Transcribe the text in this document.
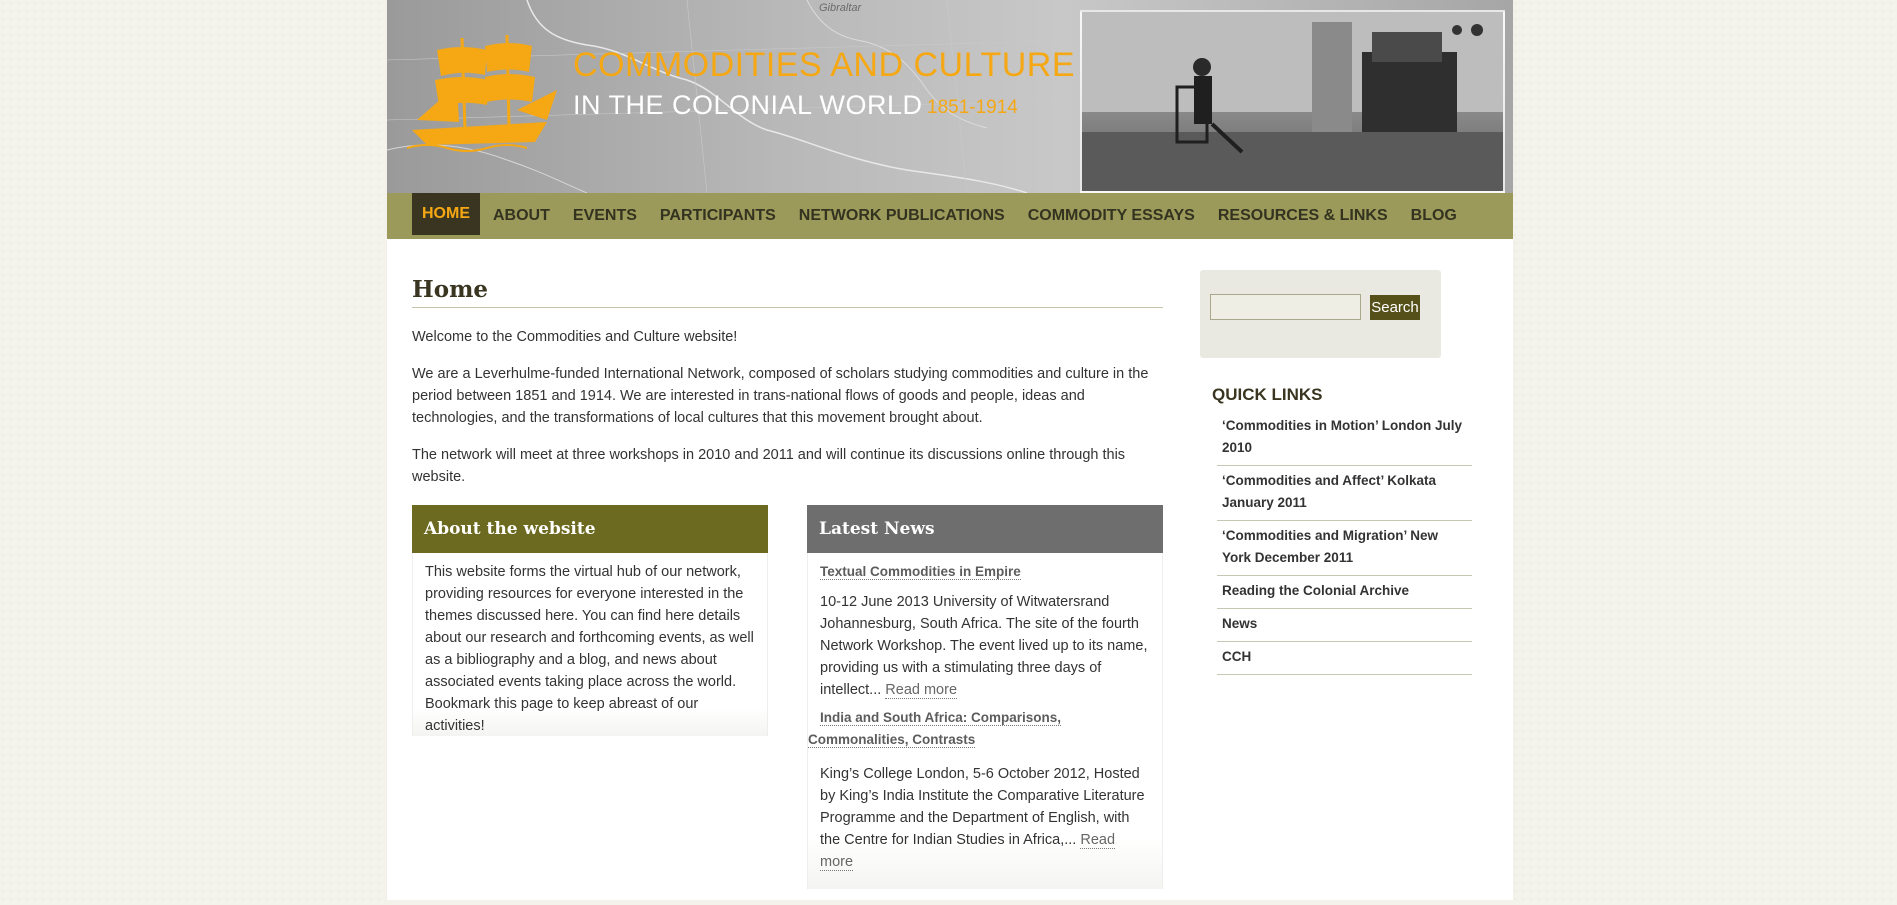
Gibraltar
COMMODITIES AND CULTURE
IN THE COLONIAL WORLD 1851-1914
HOME	ABOUT	EVENTS	PARTICIPANTS	NETWORK PUBLICATIONS	COMMODITY ESSAYS	RESOURCES & LINKS	BLOG
Home

Welcome to the Commodities and Culture website!

We are a Leverhulme-funded International Network, composed of scholars studying commodities and culture in the period between 1851 and 1914. We are interested in trans-national flows of goods and people, ideas and technologies, and the transformations of local cultures that this movement brought about.

The network will meet at three workshops in 2010 and 2011 and will continue its discussions online through this website.

About the website
This website forms the virtual hub of our network, providing resources for everyone interested in the themes discussed here. You can find here details about our research and forthcoming events, as well as a bibliography and a blog, and news about associated events taking place across the world. Bookmark this page to keep abreast of our activities!
Latest News
Textual Commodities in Empire
10-12 June 2013 University of Witwatersrand Johannesburg, South Africa. The site of the fourth Network Workshop. The event lived up to its name, providing us with a stimulating three days of intellect... Read more
India and South Africa: Comparisons, Commonalities, Contrasts
King’s College London, 5-6 October 2012, Hosted by King’s India Institute the Comparative Literature Programme and the Department of English, with the Centre for Indian Studies in Africa,... Read more
Search
QUICK LINKS
‘Commodities in Motion’ London July 2010
‘Commodities and Affect’ Kolkata January 2011
‘Commodities and Migration’ New York December 2011
Reading the Colonial Archive
News
CCH
